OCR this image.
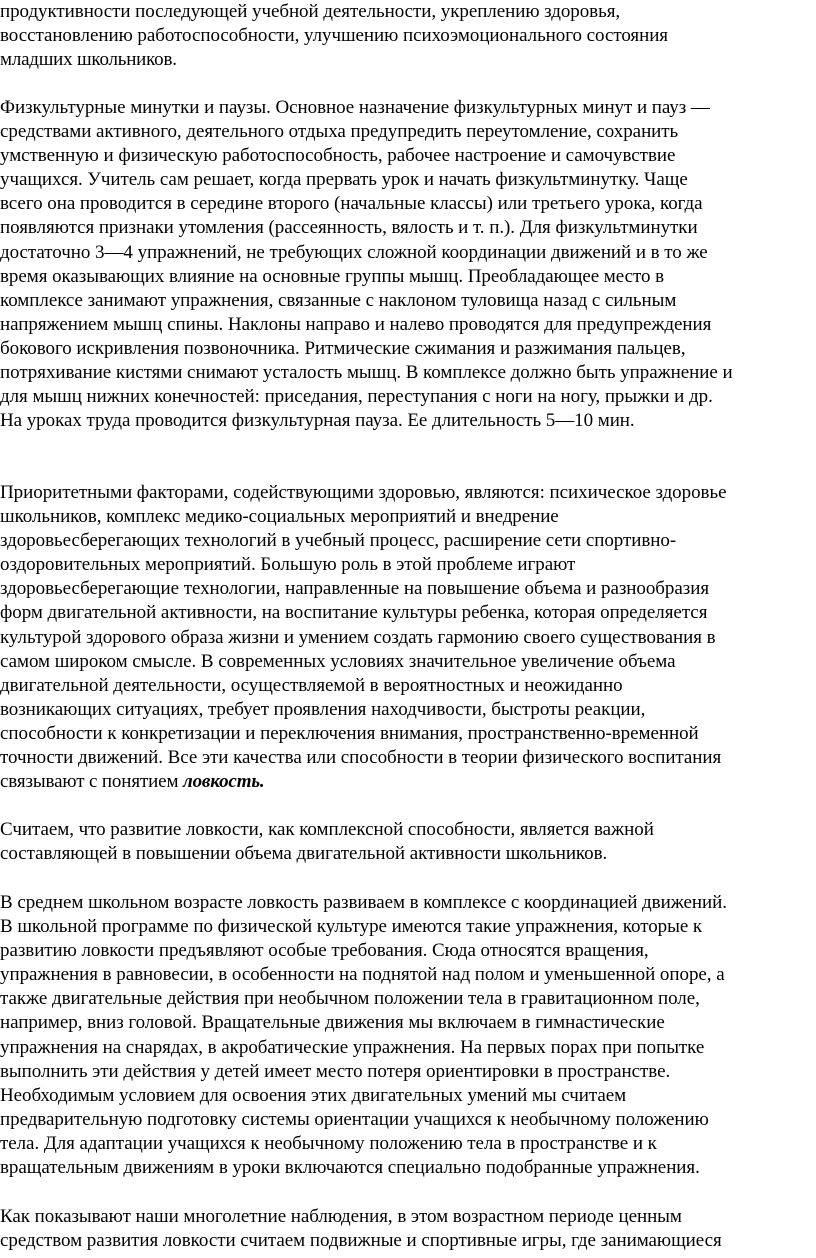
продуктивности последующей учебной деятельности, укреплению здоровья,
восстановлению работоспособности, улучшению психоэмоционального состояния
младших школьников.
Физкультурные минутки и паузы. Основное назначение физкультурных минут и пауз —
средствами активного, деятельного отдыха предупредить переутомление, сохранить
умственную и физическую работоспособность, рабочее настроение и самочувствие
учащихся. Учитель сам решает, когда прервать урок и начать физкультминутку. Чаще
всего она проводится в середине второго (начальные классы) или третьего урока, когда
появляются признаки утомления (рассеянность, вялость и т. п.). Для физкультминутки
достаточно 3—4 упражнений, не требующих сложной координации движений и в то же
время оказывающих влияние на основные группы мышц. Преобладающее место в
комплексе занимают упражнения, связанные с наклоном туловища назад с сильным
напряжением мышц спины. Наклоны направо и налево проводятся для предупреждения
бокового искривления позвоночника. Ритмические сжимания и разжимания пальцев,
потряхивание кистями снимают усталость мышц. В комплексе должно быть упражнение и
для мышц нижних конечностей: приседания, переступания с ноги на ногу, прыжки и др.
На уроках труда проводится физкультурная пауза. Ее длительность 5—10 мин.
Приоритетными факторами, содействующими здоровью, являются: психическое здоровье
школьников, комплекс медико-социальных мероприятий и внедрение
здоровьесберегающих технологий в учебный процесс, расширение сети спортивно-
оздоровительных мероприятий. Большую роль в этой проблеме играют
здоровьесберегающие технологии, направленные на повышение объема и разнообразия
форм двигательной активности, на воспитание культуры ребенка, которая определяется
культурой здорового образа жизни и умением создать гармонию своего существования в
самом широком смысле. В современных условиях значительное увеличение объема
двигательной деятельности, осуществляемой в вероятностных и неожиданно
возникающих ситуациях, требует проявления находчивости, быстроты реакции,
способности к конкретизации и переключения внимания, пространственно-временной
точности движений. Все эти качества или способности в теории физического воспитания
связывают с понятием ловкость.
Считаем, что развитие ловкости, как комплексной способности, является важной
составляющей в повышении объема двигательной активности школьников.
В среднем школьном возрасте ловкость развиваем в комплексе с координацией движений.
В школьной программе по физической культуре имеются такие упражнения, которые к
развитию ловкости предъявляют особые требования. Сюда относятся вращения,
упражнения в равновесии, в особенности на поднятой над полом и уменьшенной опоре, а
также двигательные действия при необычном положении тела в гравитационном поле,
например, вниз головой. Вращательные движения мы включаем в гимнастические
упражнения на снарядах, в акробатические упражнения. На первых порах при попытке
выполнить эти действия у детей имеет место потеря ориентировки в пространстве.
Необходимым условием для освоения этих двигательных умений мы считаем
предварительную подготовку системы ориентации учащихся к необычному положению
тела. Для адаптации учащихся к необычному положению тела в пространстве и к
вращательным движениям в уроки включаются специально подобранные упражнения.
Как показывают наши многолетние наблюдения, в этом возрастном периоде ценным
средством развития ловкости считаем подвижные и спортивные игры, где занимающиеся
